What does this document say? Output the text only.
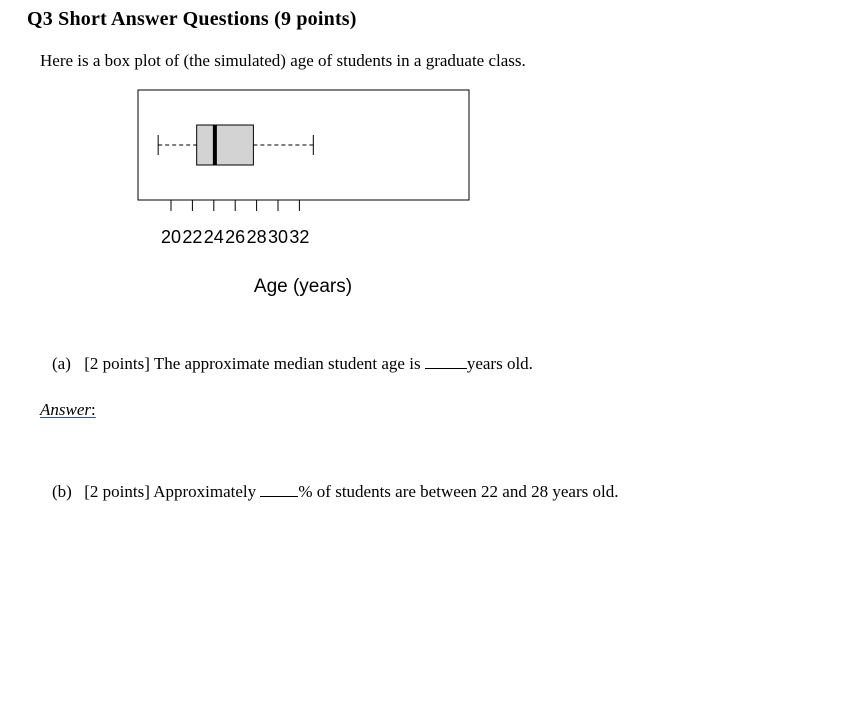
Q3 Short Answer Questions (9 points)
Here is a box plot of (the simulated) age of students in a graduate class.
20 22 24 26 28 30 32
Age (years)
(a) [2 points] The approximate median student age is years old.
Answer:
(b) [2 points] Approximately % of students are between 22 and 28 years old.
